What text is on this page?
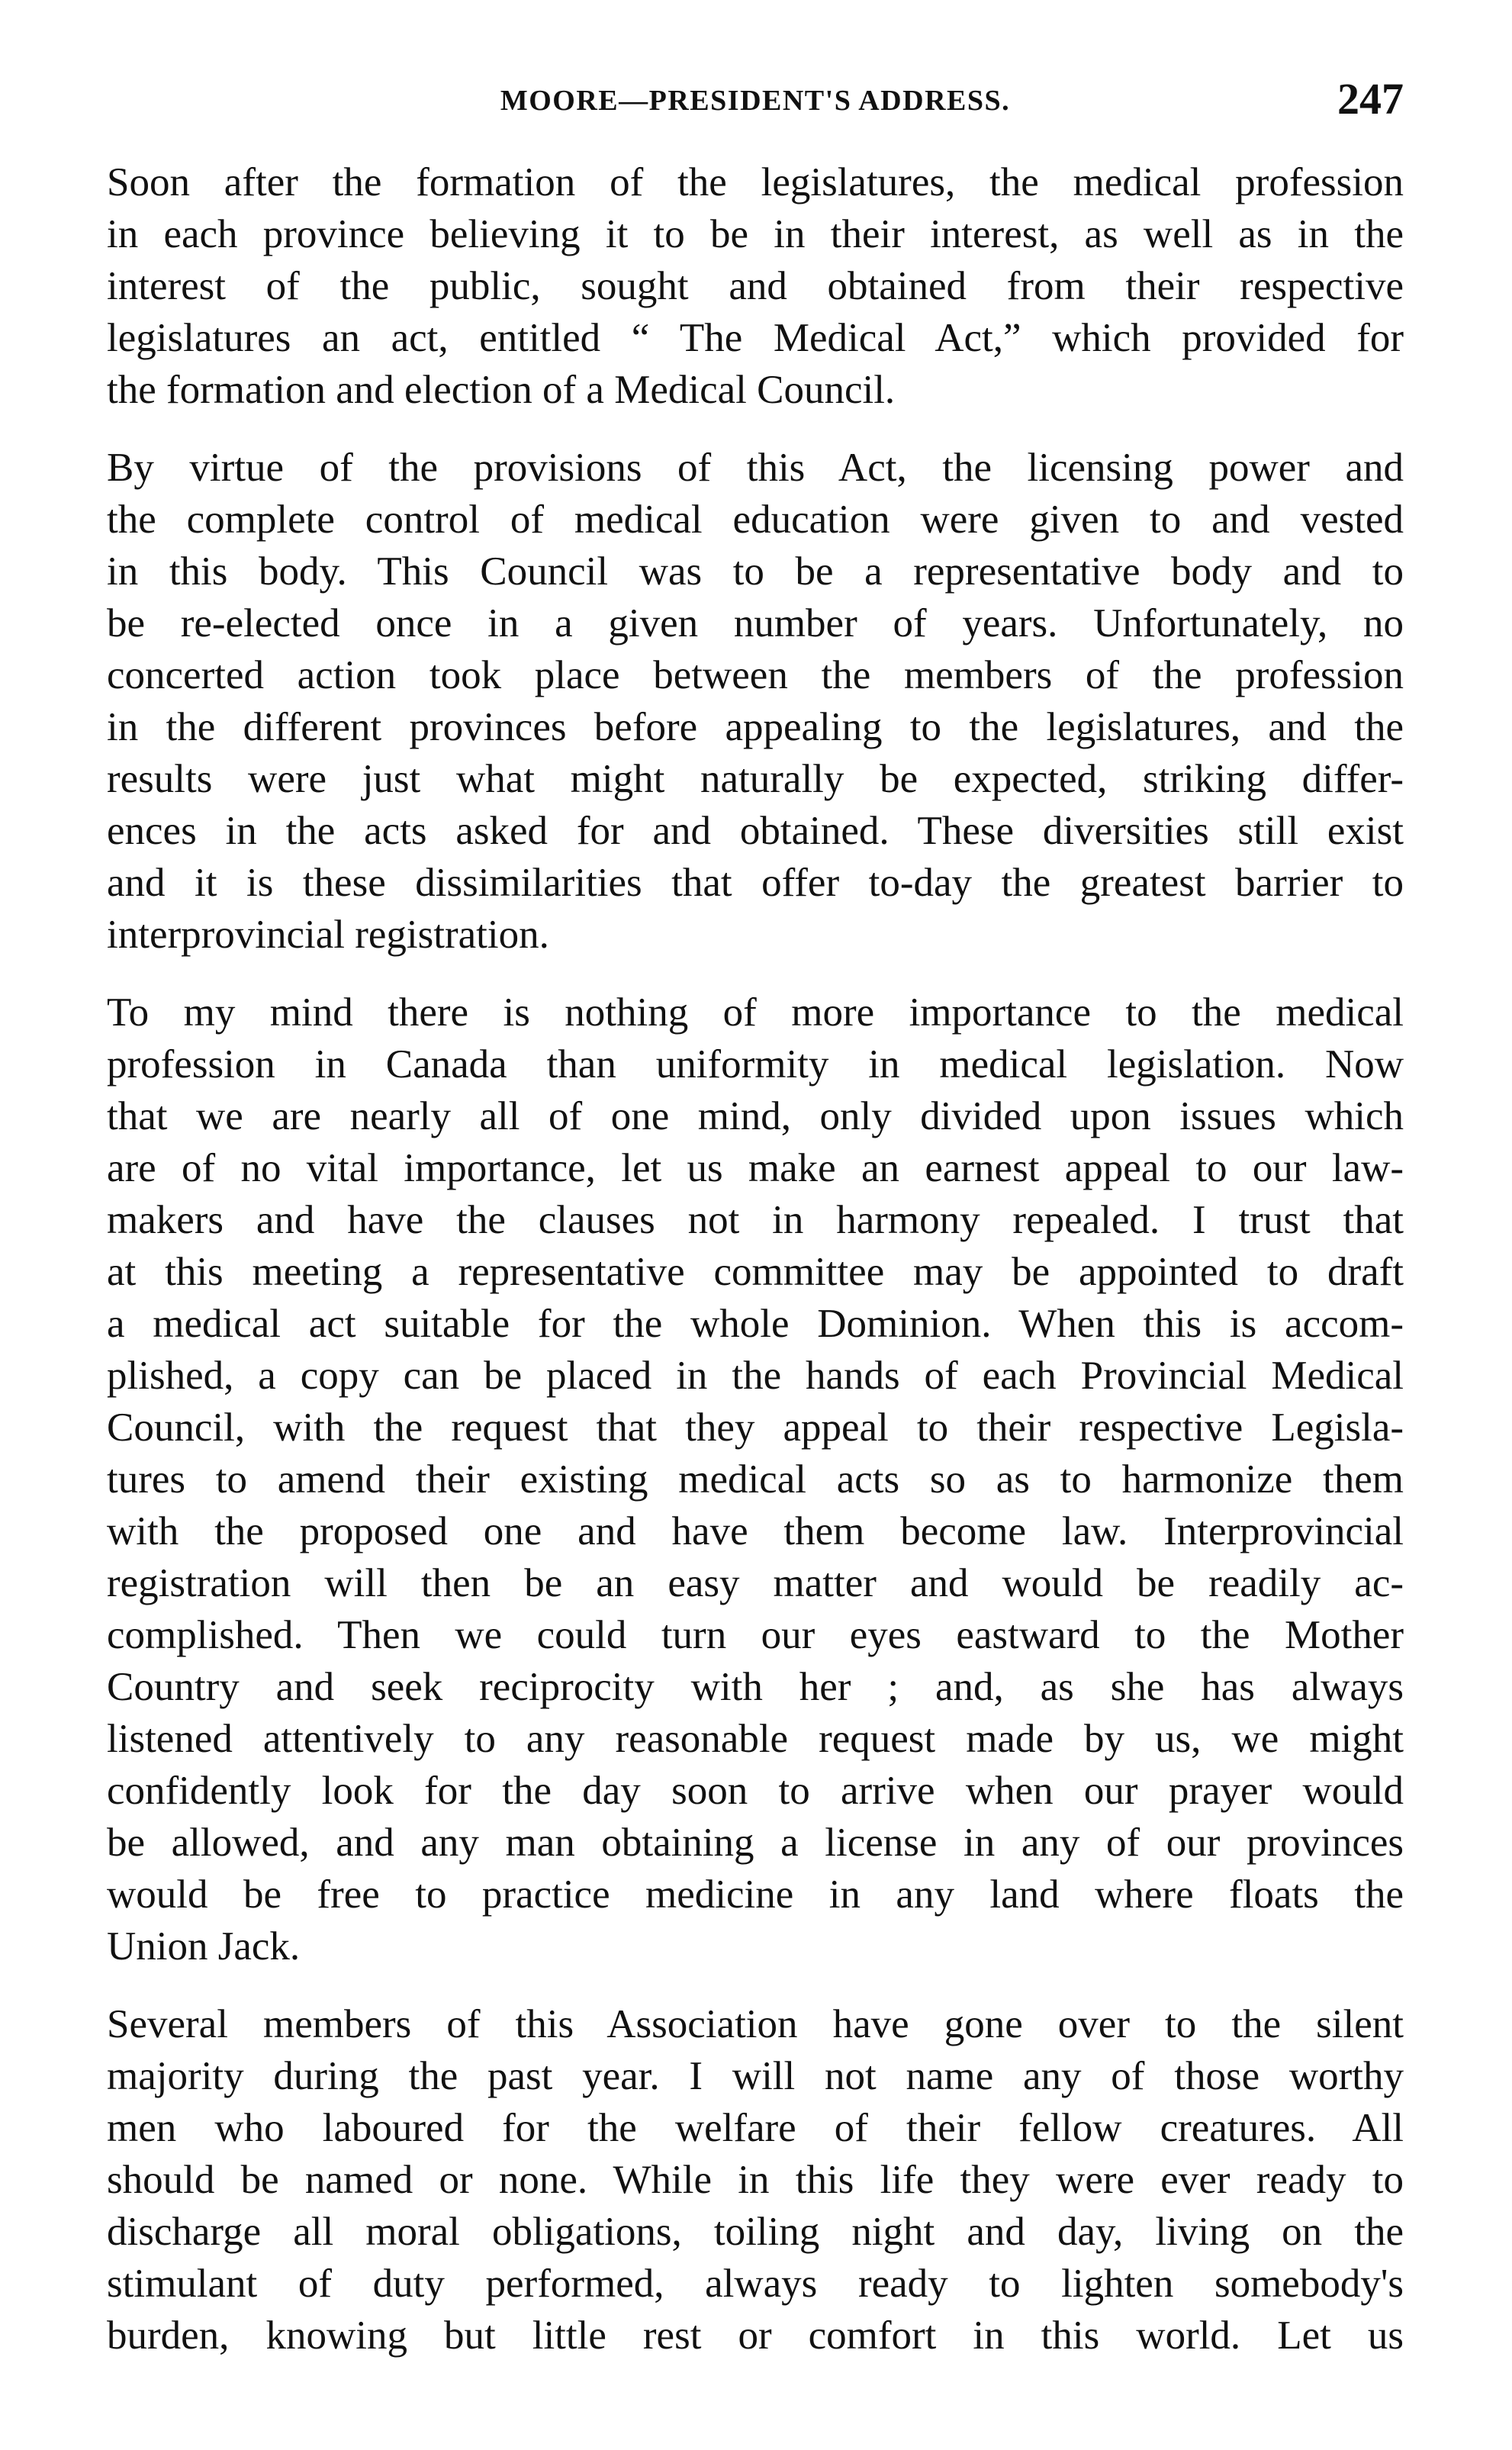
MOORE—PRESIDENT'S ADDRESS.	247
Soon after the formation of the legislatures, the medical profession
in each province believing it to be in their interest, as well as in the
interest of the public, sought and obtained from their respective
legislatures an act, entitled “ The Medical Act,” which provided for
the formation and election of a Medical Council.
By virtue of the provisions of this Act, the licensing power and
the complete control of medical education were given to and vested
in this body. This Council was to be a representative body and to
be re-elected once in a given number of years. Unfortunately, no
concerted action took place between the members of the profession
in the different provinces before appealing to the legislatures, and the
results were just what might naturally be expected, striking differ-
ences in the acts asked for and obtained. These diversities still exist
and it is these dissimilarities that offer to-day the greatest barrier to
interprovincial registration.
To my mind there is nothing of more importance to the medical
profession in Canada than uniformity in medical legislation. Now
that we are nearly all of one mind, only divided upon issues which
are of no vital importance, let us make an earnest appeal to our law-
makers and have the clauses not in harmony repealed. I trust that
at this meeting a representative committee may be appointed to draft
a medical act suitable for the whole Dominion. When this is accom-
plished, a copy can be placed in the hands of each Provincial Medical
Council, with the request that they appeal to their respective Legisla-
tures to amend their existing medical acts so as to harmonize them
with the proposed one and have them become law. Interprovincial
registration will then be an easy matter and would be readily ac-
complished. Then we could turn our eyes eastward to the Mother
Country and seek reciprocity with her ; and, as she has always
listened attentively to any reasonable request made by us, we might
confidently look for the day soon to arrive when our prayer would
be allowed, and any man obtaining a license in any of our provinces
would be free to practice medicine in any land where floats the
Union Jack.
Several members of this Association have gone over to the silent
majority during the past year. I will not name any of those worthy
men who laboured for the welfare of their fellow creatures. All
should be named or none. While in this life they were ever ready to
discharge all moral obligations, toiling night and day, living on the
stimulant of duty performed, always ready to lighten somebody's
burden, knowing but little rest or comfort in this world. Let us
